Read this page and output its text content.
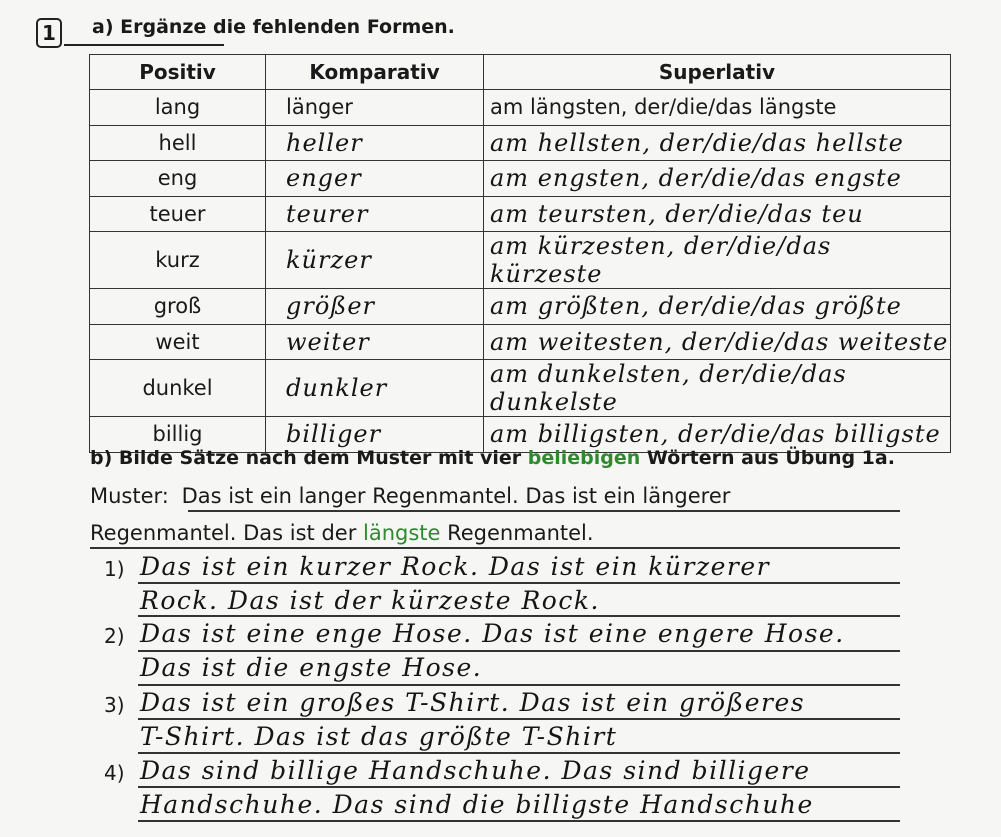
1	a) Ergänze die fehlenden Formen.
Positiv	Komparativ	Superlativ
lang	länger	am längsten, der/die/das längste
hell	heller	am hellsten, der/die/das hellste
eng	enger	am engsten, der/die/das engste
teuer	teurer	am teursten, der/die/das teu
kurz	kürzer	am kürzesten, der/die/das kürzeste
groß	größer	am größten, der/die/das größte
weit	weiter	am weitesten, der/die/das weiteste
dunkel	dunkler	am dunkelsten, der/die/das dunkelste
billig	billiger	am billigsten, der/die/das billigste
b) Bilde Sätze nach dem Muster mit vier beliebigen Wörtern aus Übung 1a.
Muster: Das ist ein langer Regenmantel. Das ist ein längerer
Regenmantel. Das ist der längste Regenmantel.
1) Das ist ein kurzer Rock. Das ist ein kürzerer
Rock. Das ist der kürzeste Rock.
2) Das ist eine enge Hose. Das ist eine engere Hose.
Das ist die engste Hose.
3) Das ist ein großes T-Shirt. Das ist ein größeres
T-Shirt. Das ist das größte T-Shirt
4) Das sind billige Handschuhe. Das sind billigere
Handschuhe. Das sind die billigste Handschuhe
